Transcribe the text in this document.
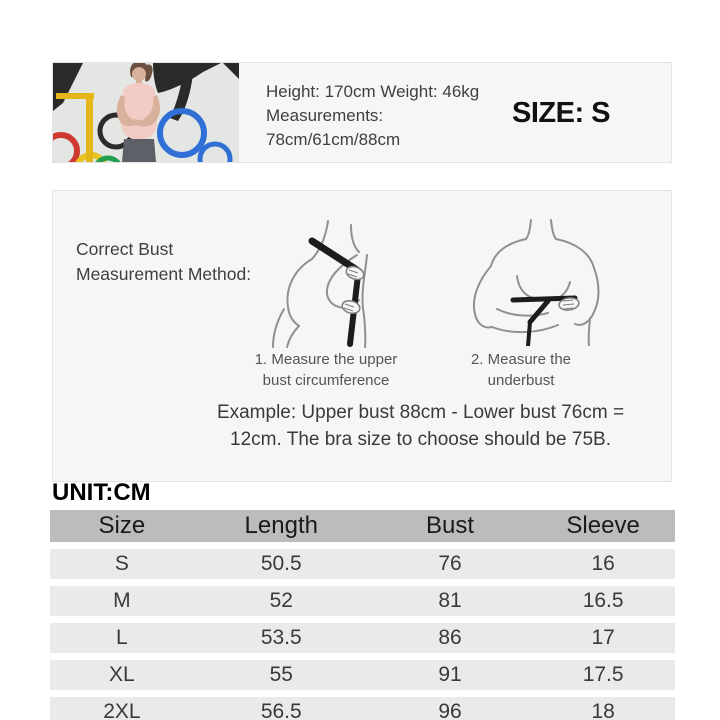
Height: 170cm Weight: 46kg
Measurements:
78cm/61cm/88cm
SIZE: S
Correct Bust
Measurement Method:
1. Measure the upper
bust circumference
2. Measure the
underbust
Example: Upper bust 88cm - Lower bust 76cm =
12cm. The bra size to choose should be 75B.
UNIT:CM
Size	Length	Bust	Sleeve
S	50.5	76	16
M	52	81	16.5
L	53.5	86	17
XL	55	91	17.5
2XL	56.5	96	18
